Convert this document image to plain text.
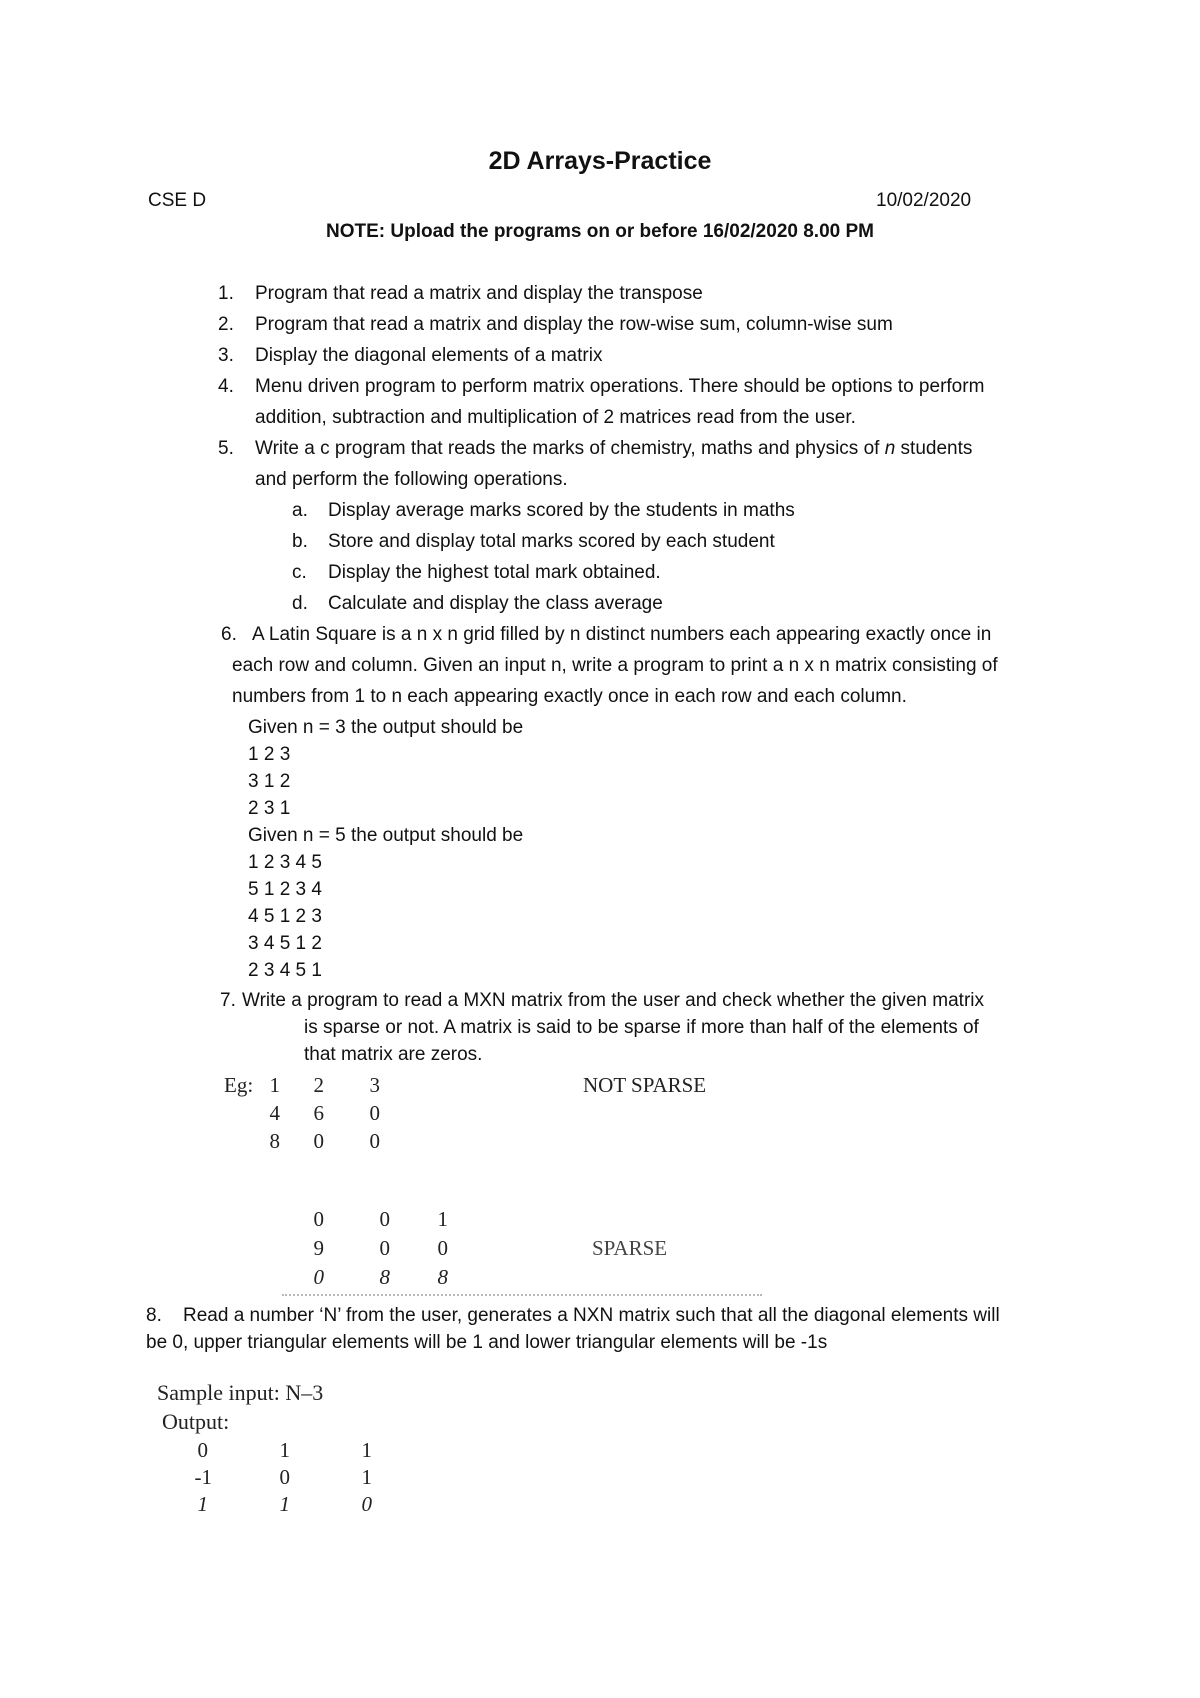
2D Arrays-Practice
CSE D	10/02/2020
NOTE: Upload the programs on or before 16/02/2020 8.00 PM
1. Program that read a matrix and display the transpose
2. Program that read a matrix and display the row-wise sum, column-wise sum
3. Display the diagonal elements of a matrix
4. Menu driven program to perform matrix operations. There should be options to perform
addition, subtraction and multiplication of 2 matrices read from the user.
5. Write a c program that reads the marks of chemistry, maths and physics of n students
and perform the following operations.
a. Display average marks scored by the students in maths
b. Store and display total marks scored by each student
c. Display the highest total mark obtained.
d. Calculate and display the class average
6. A Latin Square is a n x n grid filled by n distinct numbers each appearing exactly once in
each row and column. Given an input n, write a program to print a n x n matrix consisting of
numbers from 1 to n each appearing exactly once in each row and each column.
Given n = 3 the output should be
1 2 3
3 1 2
2 3 1
Given n = 5 the output should be
1 2 3 4 5
5 1 2 3 4
4 5 1 2 3
3 4 5 1 2
2 3 4 5 1
7. Write a program to read a MXN matrix from the user and check whether the given matrix
is sparse or not. A matrix is said to be sparse if more than half of the elements of
that matrix are zeros.
Eg: 1	2	3
4	6	0
8	0	0
NOT SPARSE
0	0	1
9	0	0
0	8	8
SPARSE
8. Read a number ‘N’ from the user, generates a NXN matrix such that all the diagonal elements will
be 0, upper triangular elements will be 1 and lower triangular elements will be -1s
Sample input: N–3
Output:
0	1	1
-1	0	1
1	1	0
